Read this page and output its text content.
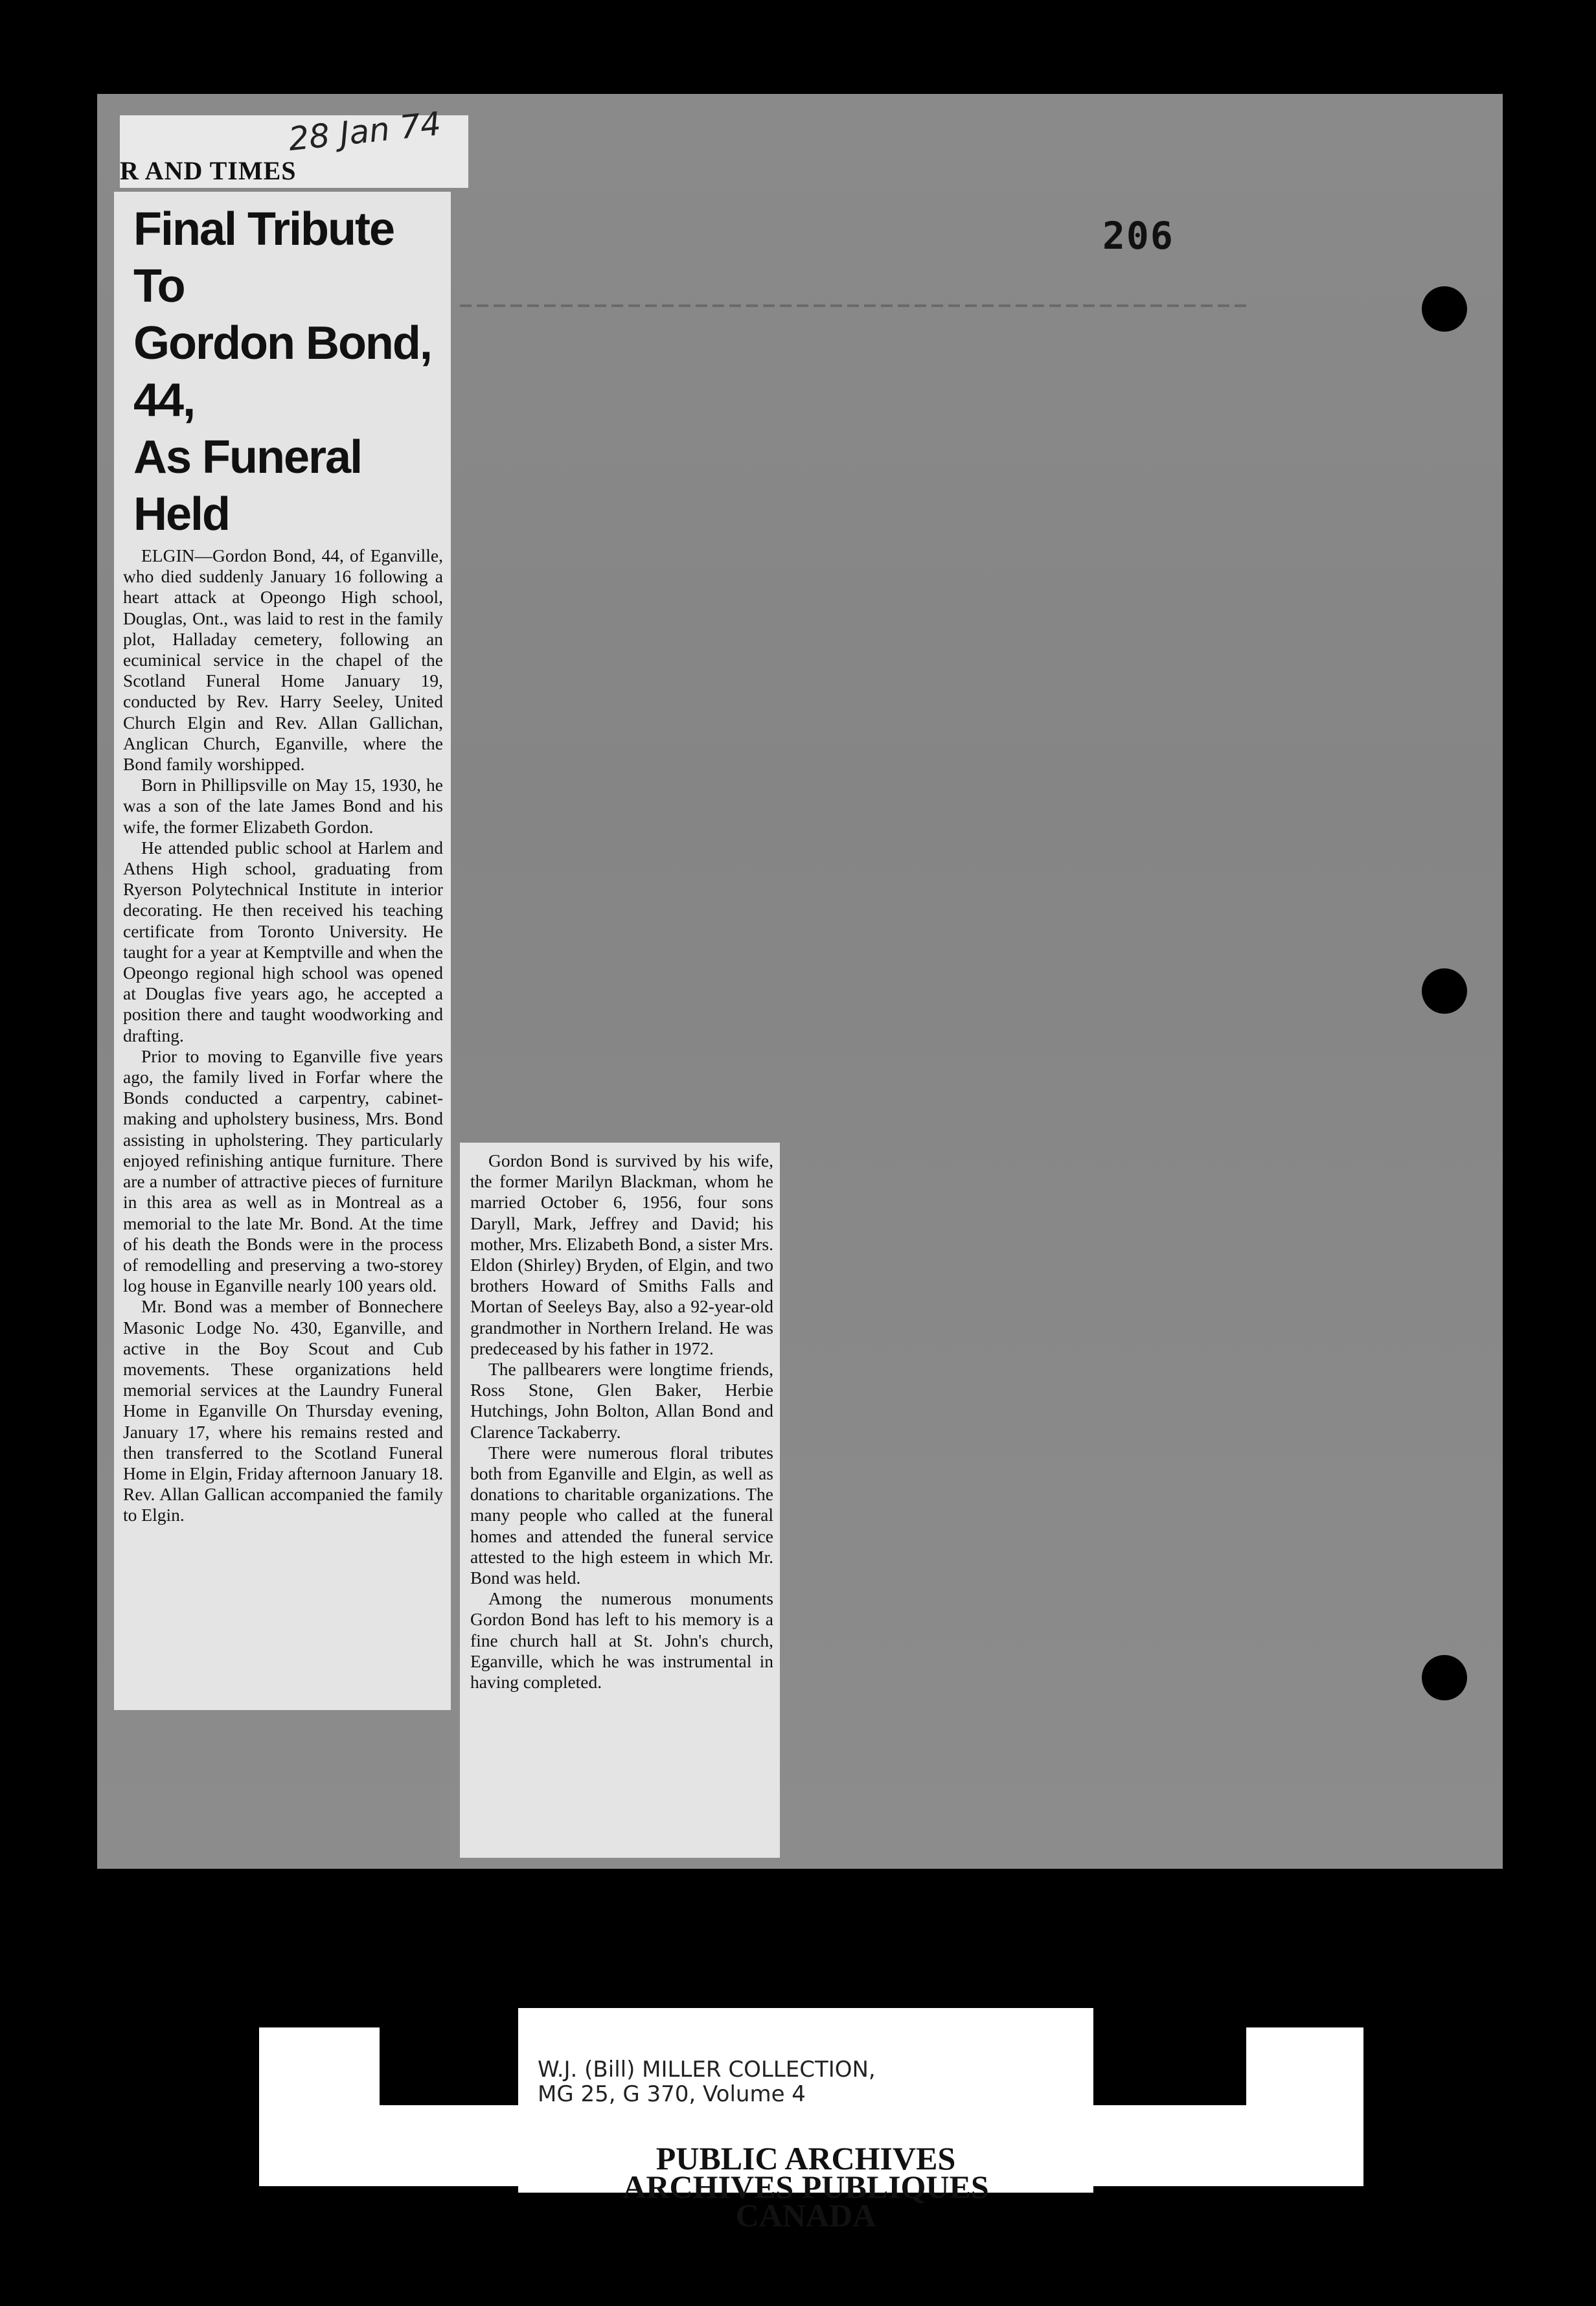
206
R AND TIMES
28 Jan 74
Final Tribute To
Gordon Bond, 44,
As Funeral Held

ELGIN—Gordon Bond, 44, of Eganville, who died suddenly January 16 following a heart attack at Opeongo High school, Douglas, Ont., was laid to rest in the family plot, Halladay cemetery, following an ecuminical service in the chapel of the Scotland Funeral Home January 19, conducted by Rev. Harry Seeley, United Church Elgin and Rev. Allan Gallichan, Anglican Church, Eganville, where the Bond family worshipped.

Born in Phillipsville on May 15, 1930, he was a son of the late James Bond and his wife, the former Elizabeth Gordon.

He attended public school at Harlem and Athens High school, graduating from Ryerson Polytechnical Institute in interior decorating. He then received his teaching certificate from Toronto University. He taught for a year at Kemptville and when the Opeongo regional high school was opened at Douglas five years ago, he accepted a position there and taught woodworking and drafting.

Prior to moving to Eganville five years ago, the family lived in Forfar where the Bonds conducted a carpentry, cabinet-making and upholstery business, Mrs. Bond assisting in upholstering. They particularly enjoyed refinishing antique furniture. There are a number of attractive pieces of furniture in this area as well as in Montreal as a memorial to the late Mr. Bond. At the time of his death the Bonds were in the process of remodelling and preserving a two-storey log house in Eganville nearly 100 years old.

Mr. Bond was a member of Bonnechere Masonic Lodge No. 430, Eganville, and active in the Boy Scout and Cub movements. These organizations held memorial services at the Laundry Funeral Home in Eganville On Thursday evening, January 17, where his remains rested and then transferred to the Scotland Funeral Home in Elgin, Friday afternoon January 18. Rev. Allan Gallican accompanied the family to Elgin.

Gordon Bond is survived by his wife, the former Marilyn Blackman, whom he married October 6, 1956, four sons Daryll, Mark, Jeffrey and David; his mother, Mrs. Elizabeth Bond, a sister Mrs. Eldon (Shirley) Bryden, of Elgin, and two brothers Howard of Smiths Falls and Mortan of Seeleys Bay, also a 92-year-old grandmother in Northern Ireland. He was predeceased by his father in 1972.

The pallbearers were longtime friends, Ross Stone, Glen Baker, Herbie Hutchings, John Bolton, Allan Bond and Clarence Tackaberry.

There were numerous floral tributes both from Eganville and Elgin, as well as donations to charitable organizations. The many people who called at the funeral homes and attended the funeral service attested to the high esteem in which Mr. Bond was held.

Among the numerous monuments Gordon Bond has left to his memory is a fine church hall at St. John's church, Eganville, which he was instrumental in having completed.

W.J. (Bill) MILLER COLLECTION,
MG 25, G 370, Volume 4
PUBLIC ARCHIVES
ARCHIVES PUBLIQUES
CANADA
